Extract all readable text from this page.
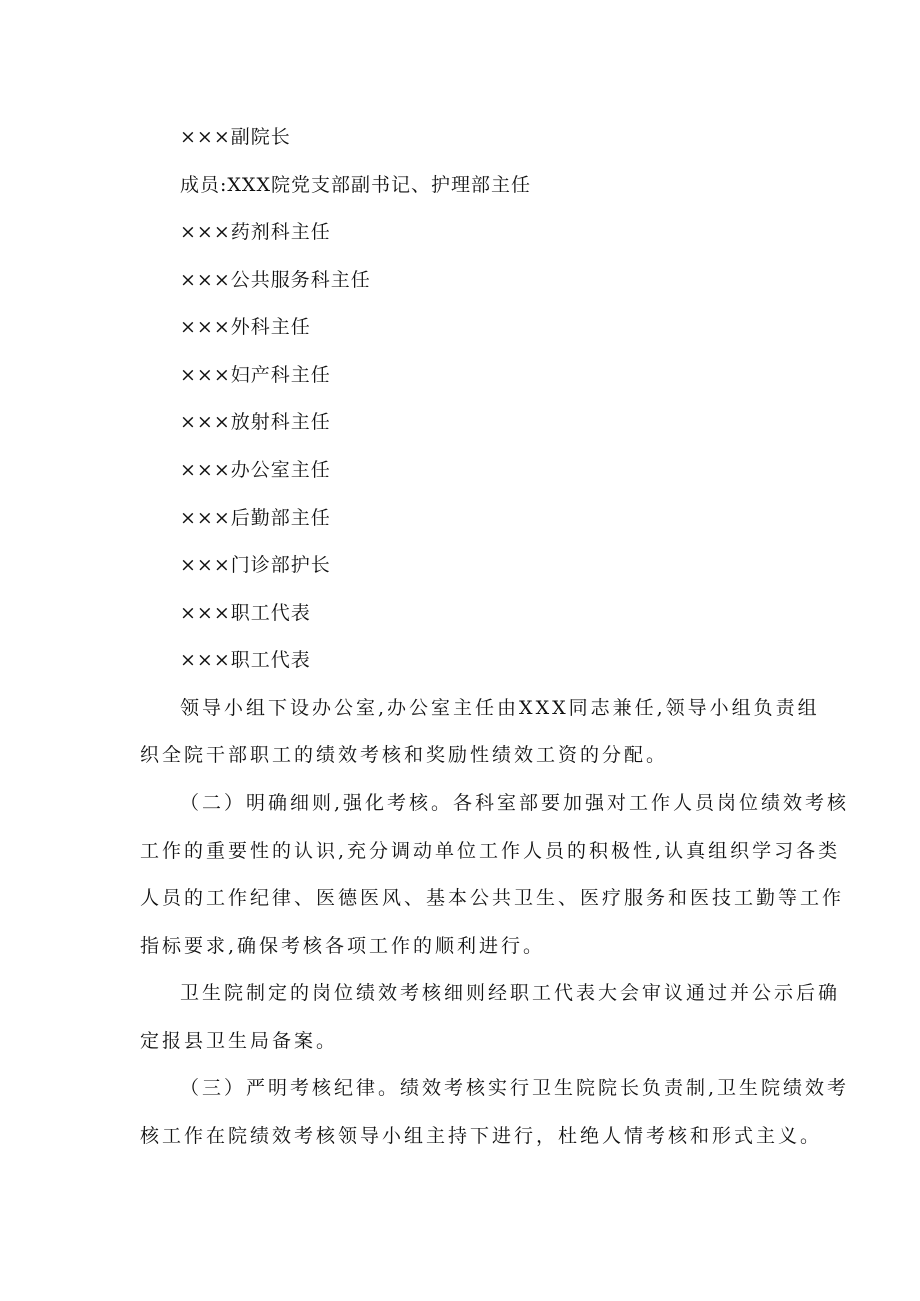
×××副院长
成员:XXX院党支部副书记、护理部主任
×××药剂科主任
×××公共服务科主任
×××外科主任
×××妇产科主任
×××放射科主任
×××办公室主任
×××后勤部主任
×××门诊部护长
×××职工代表
×××职工代表
领导小组下设办公室,办公室主任由XXX同志兼任,领导小组负责组
织全院干部职工的绩效考核和奖励性绩效工资的分配。
（二）明确细则,强化考核。各科室部要加强对工作人员岗位绩效考核
工作的重要性的认识,充分调动单位工作人员的积极性,认真组织学习各类
人员的工作纪律、医德医风、基本公共卫生、医疗服务和医技工勤等工作
指标要求,确保考核各项工作的顺利进行。
卫生院制定的岗位绩效考核细则经职工代表大会审议通过并公示后确
定报县卫生局备案。
（三）严明考核纪律。绩效考核实行卫生院院长负责制,卫生院绩效考
核工作在院绩效考核领导小组主持下进行，杜绝人情考核和形式主义。
